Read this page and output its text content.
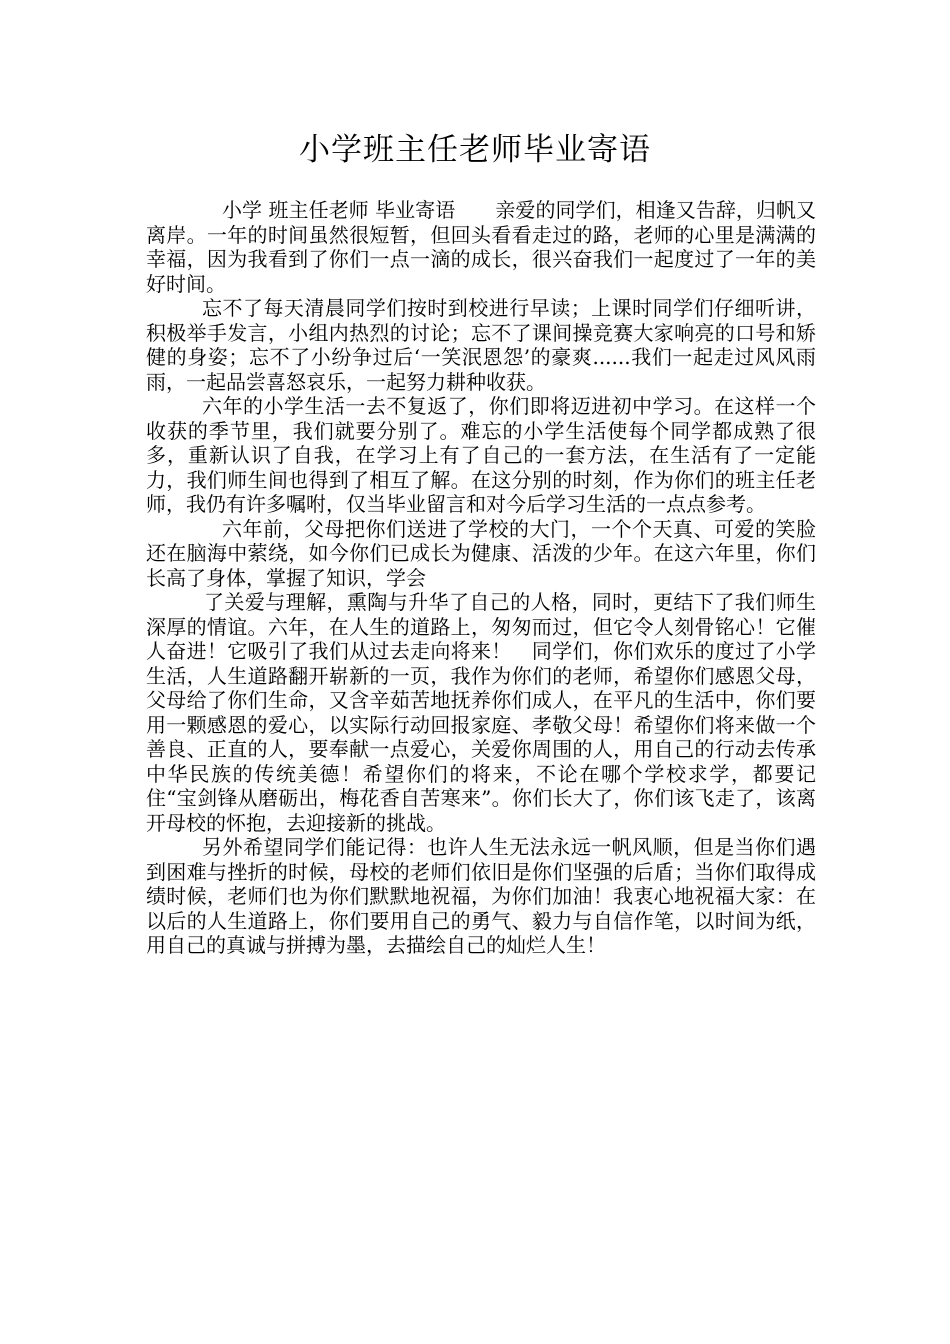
小学班主任老师毕业寄语

小学 班主任老师 毕业寄语　　亲爱的同学们，相逢又告辞，归帆又离岸。一年的时间虽然很短暂，但回头看看走过的路，老师的心里是满满的幸福，因为我看到了你们一点一滴的成长，很兴奋我们一起度过了一年的美好时间。

忘不了每天清晨同学们按时到校进行早读；上课时同学们仔细听讲，积极举手发言，小组内热烈的讨论；忘不了课间操竞赛大家响亮的口号和矫健的身姿；忘不了小纷争过后‘一笑泯恩怨’的豪爽......我们一起走过风风雨雨，一起品尝喜怒哀乐，一起努力耕种收获。

六年的小学生活一去不复返了，你们即将迈进初中学习。在这样一个收获的季节里，我们就要分别了。难忘的小学生活使每个同学都成熟了很多，重新认识了自我，在学习上有了自己的一套方法，在生活有了一定能力，我们师生间也得到了相互了解。在这分别的时刻，作为你们的班主任老师，我仍有许多嘱咐，仅当毕业留言和对今后学习生活的一点点参考。

六年前，父母把你们送进了学校的大门，一个个天真、可爱的笑脸还在脑海中萦绕，如今你们已成长为健康、活泼的少年。在这六年里，你们长高了身体，掌握了知识，学会

了关爱与理解，熏陶与升华了自己的人格，同时，更结下了我们师生深厚的情谊。六年，在人生的道路上，匆匆而过，但它令人刻骨铭心！它催人奋进！它吸引了我们从过去走向将来！　同学们，你们欢乐的度过了小学生活，人生道路翻开崭新的一页，我作为你们的老师，希望你们感恩父母，父母给了你们生命，又含辛茹苦地抚养你们成人，在平凡的生活中，你们要用一颗感恩的爱心，以实际行动回报家庭、孝敬父母！希望你们将来做一个善良、正直的人，要奉献一点爱心，关爱你周围的人，用自己的行动去传承中华民族的传统美德！希望你们的将来，不论在哪个学校求学，都要记住“宝剑锋从磨砺出，梅花香自苦寒来”。你们长大了，你们该飞走了，该离开母校的怀抱，去迎接新的挑战。

另外希望同学们能记得：也许人生无法永远一帆风顺，但是当你们遇到困难与挫折的时候，母校的老师们依旧是你们坚强的后盾；当你们取得成绩时候，老师们也为你们默默地祝福，为你们加油！我衷心地祝福大家：在以后的人生道路上，你们要用自己的勇气、毅力与自信作笔，以时间为纸，用自己的真诚与拼搏为墨，去描绘自己的灿烂人生！
